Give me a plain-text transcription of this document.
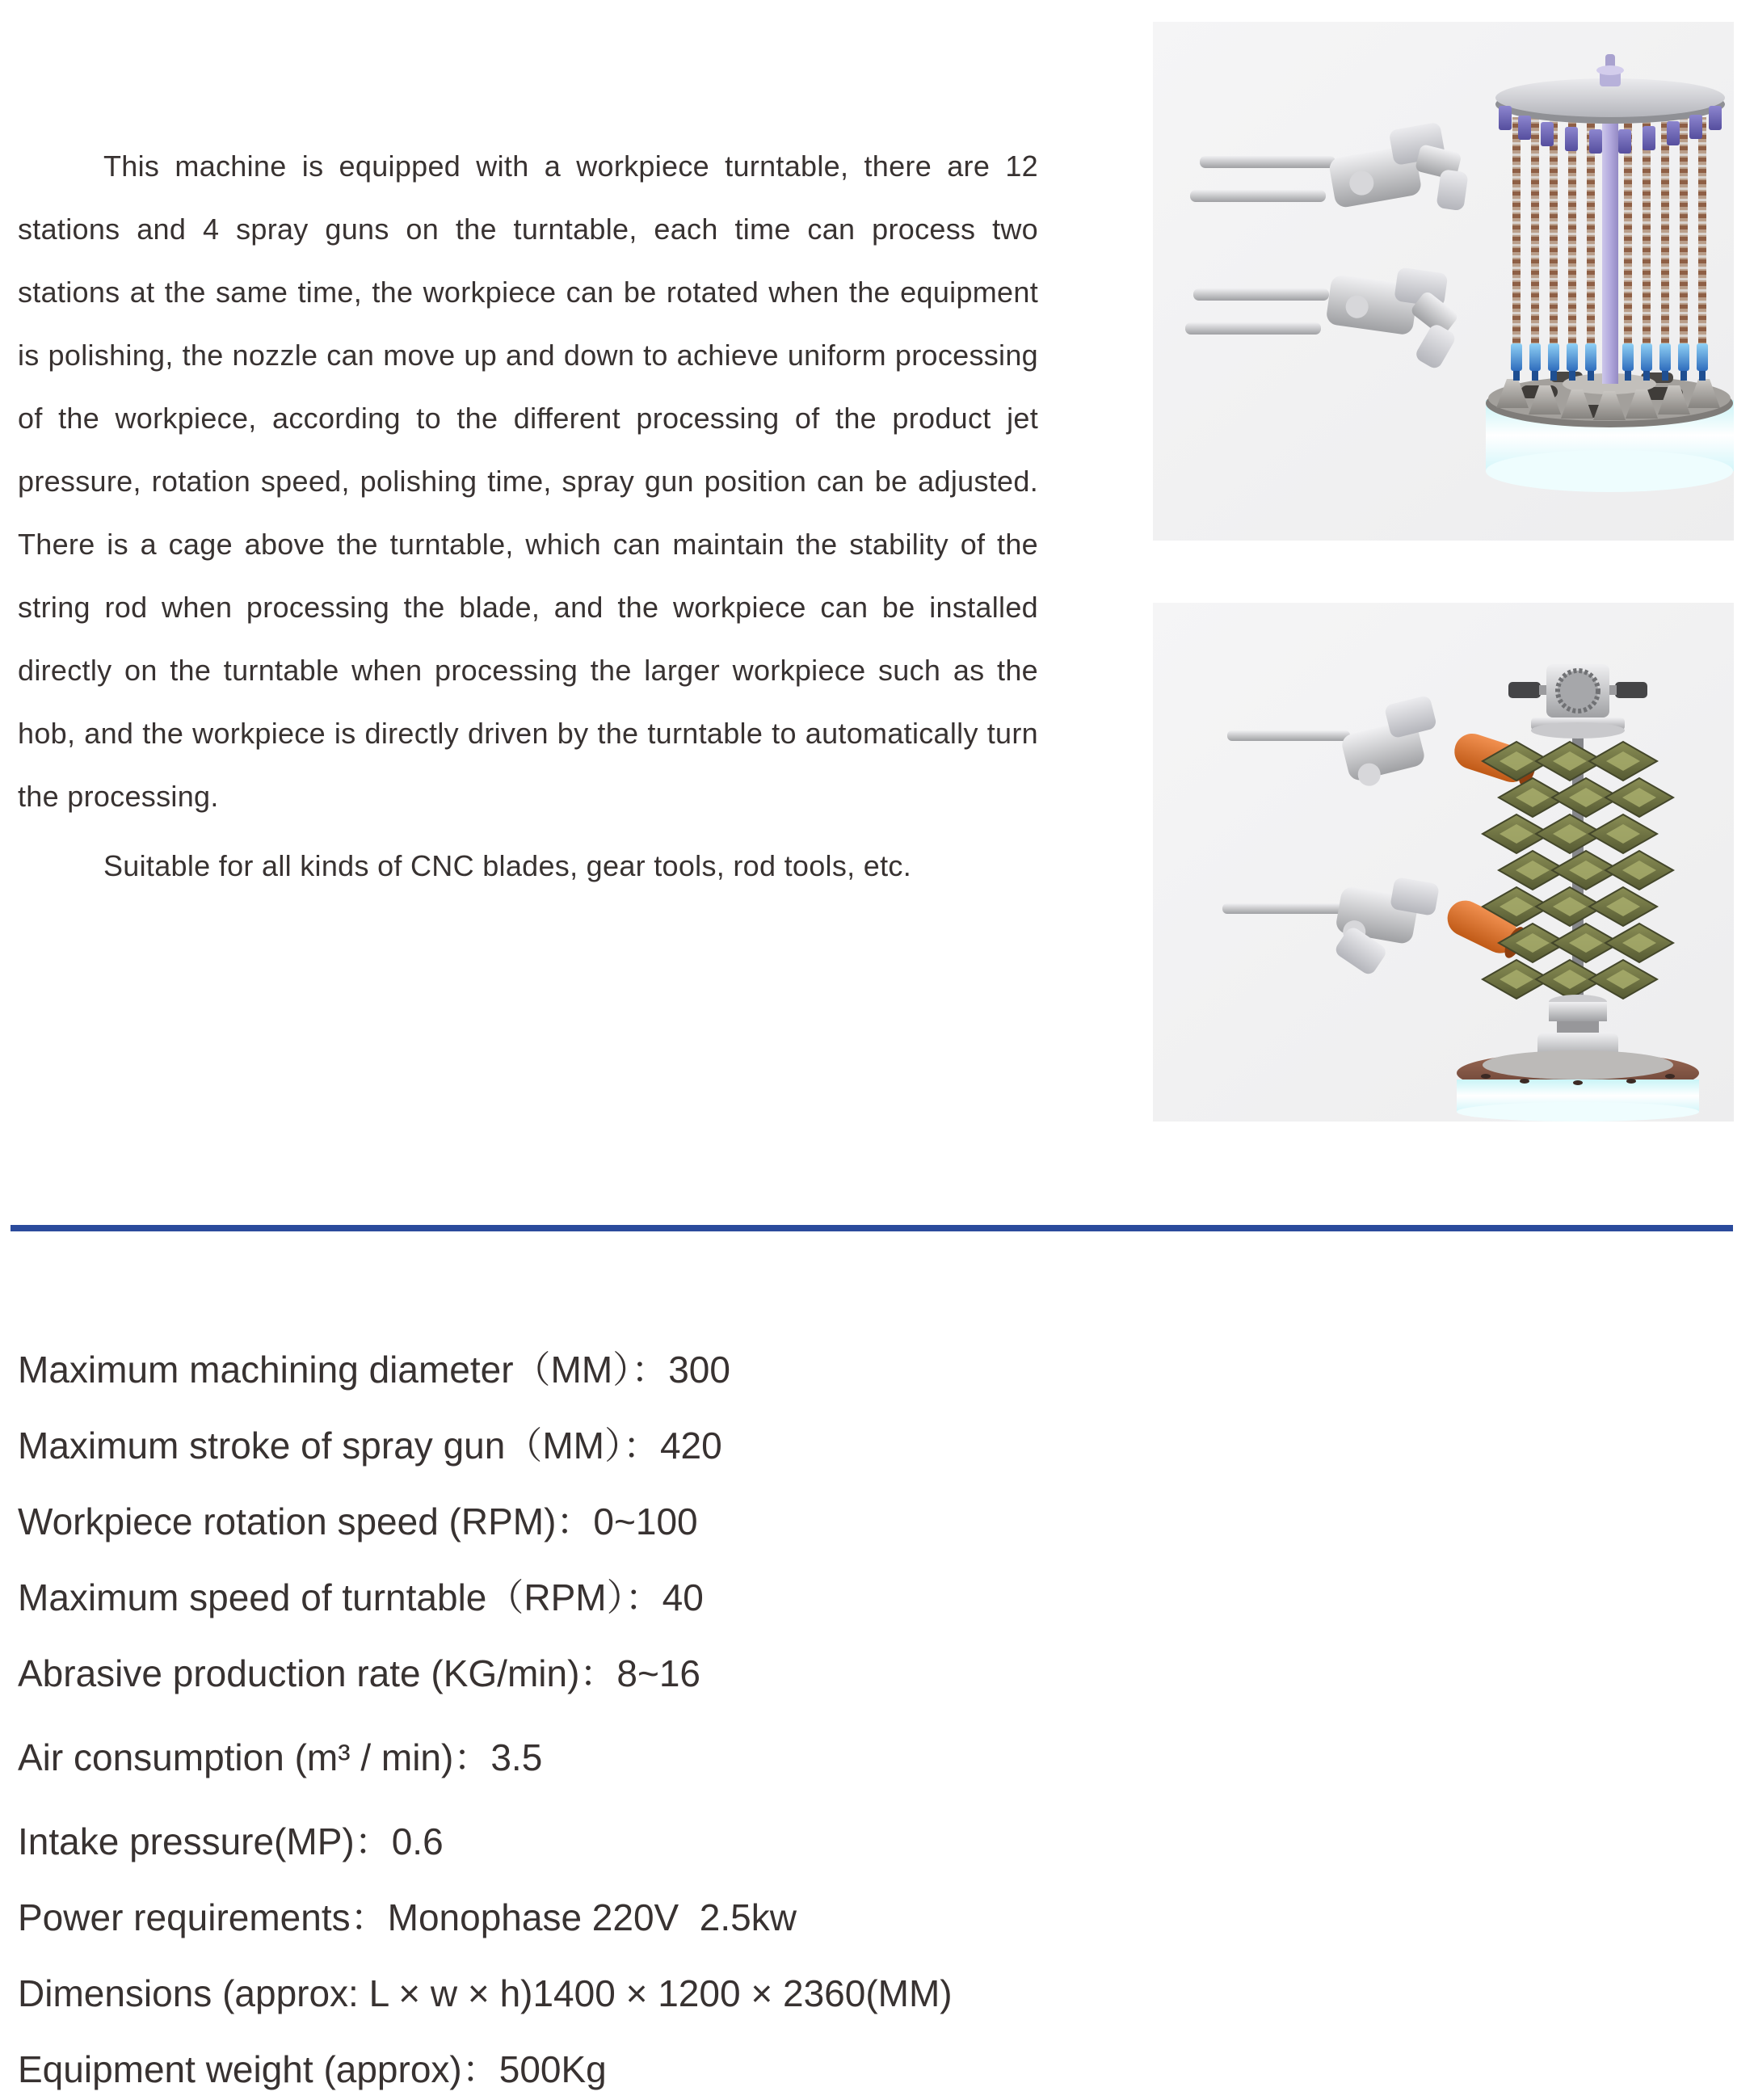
This machine is equipped with a workpiece turntable, there are 12 stations and 4 spray guns on the turntable, each time can process two stations at the same time, the workpiece can be rotated when the equipment is polishing, the nozzle can move up and down to achieve uniform processing of the workpiece, according to the different processing of the product jet pressure, rotation speed, polishing time, spray gun position can be adjusted. There is a cage above the turntable, which can maintain the stability of the string rod when processing the blade, and the workpiece can be installed directly on the turntable when processing the larger workpiece such as the hob, and the workpiece is directly driven by the turntable to automatically turn the processing.

Suitable for all kinds of CNC blades, gear tools, rod tools, etc.

Maximum machining diameter（MM）：300

Maximum stroke of spray gun（MM）：420

Workpiece rotation speed (RPM)：0~100

Maximum speed of turntable（RPM）：40

Abrasive production rate (KG/min)：8~16

Air consumption (m³ / min)：3.5

Intake pressure(MP)：0.6

Power requirements：Monophase 220V  2.5kw

Dimensions (approx: L × w × h)1400 × 1200 × 2360(MM)

Equipment weight (approx)：500Kg
